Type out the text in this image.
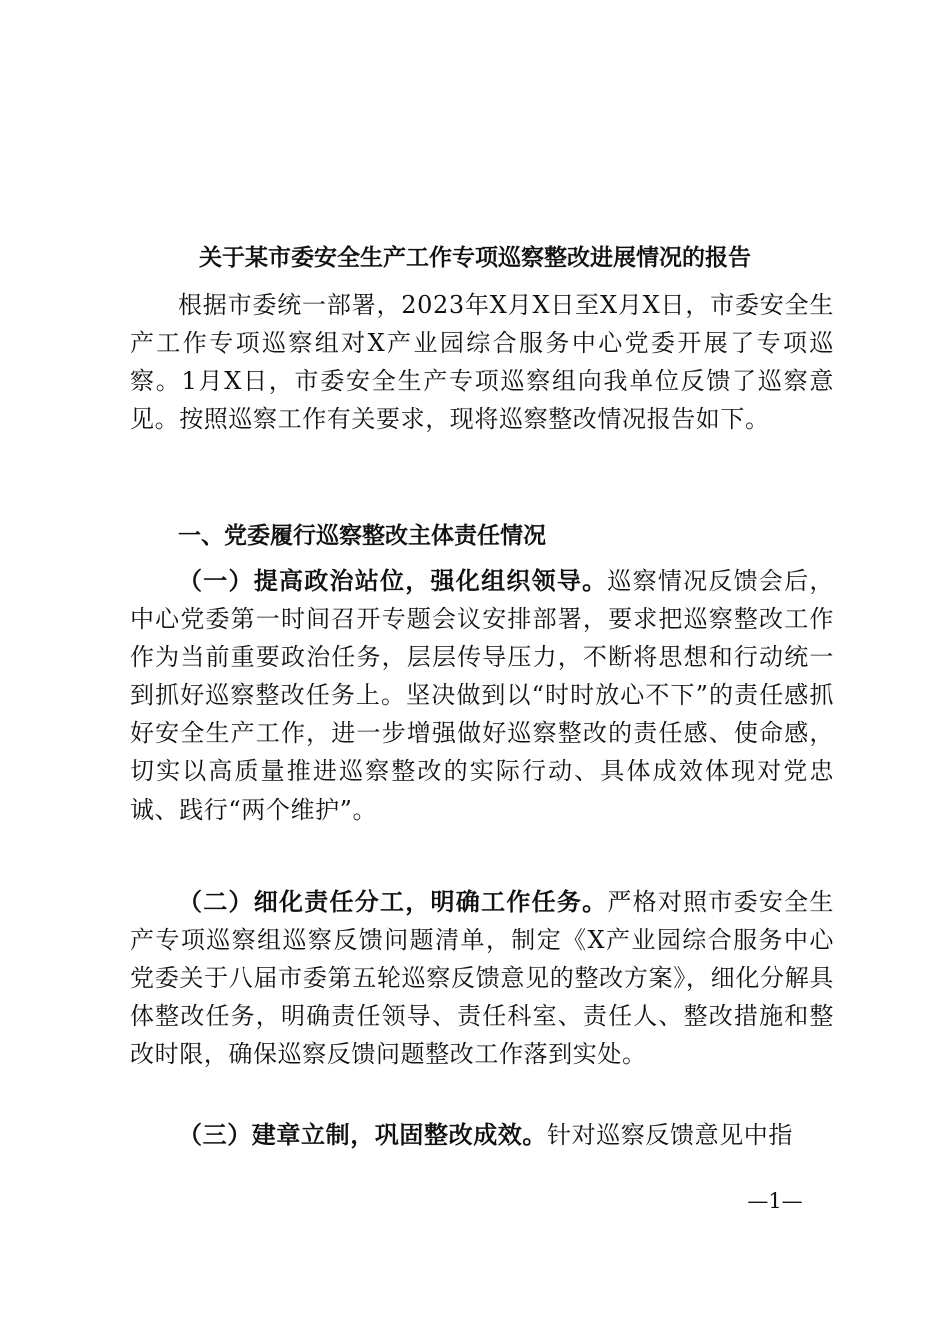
关于某市委安全生产工作专项巡察整改进展情况的报告

根据市委统一部署，2023年X月X日至X月X日，市委安全生产工作专项巡察组对X产业园综合服务中心党委开展了专项巡察。1月X日，市委安全生产专项巡察组向我单位反馈了巡察意见。按照巡察工作有关要求，现将巡察整改情况报告如下。

一、党委履行巡察整改主体责任情况

（一）提高政治站位，强化组织领导。巡察情况反馈会后，中心党委第一时间召开专题会议安排部署，要求把巡察整改工作作为当前重要政治任务，层层传导压力，不断将思想和行动统一到抓好巡察整改任务上。坚决做到以“时时放心不下”的责任感抓好安全生产工作，进一步增强做好巡察整改的责任感、使命感，切实以高质量推进巡察整改的实际行动、具体成效体现对党忠诚、践行“两个维护”。

（二）细化责任分工，明确工作任务。严格对照市委安全生产专项巡察组巡察反馈问题清单，制定《X产业园综合服务中心党委关于八届市委第五轮巡察反馈意见的整改方案》，细化分解具体整改任务，明确责任领导、责任科室、责任人、整改措施和整改时限，确保巡察反馈问题整改工作落到实处。

（三）建章立制，巩固整改成效。针对巡察反馈意见中指

—1—
